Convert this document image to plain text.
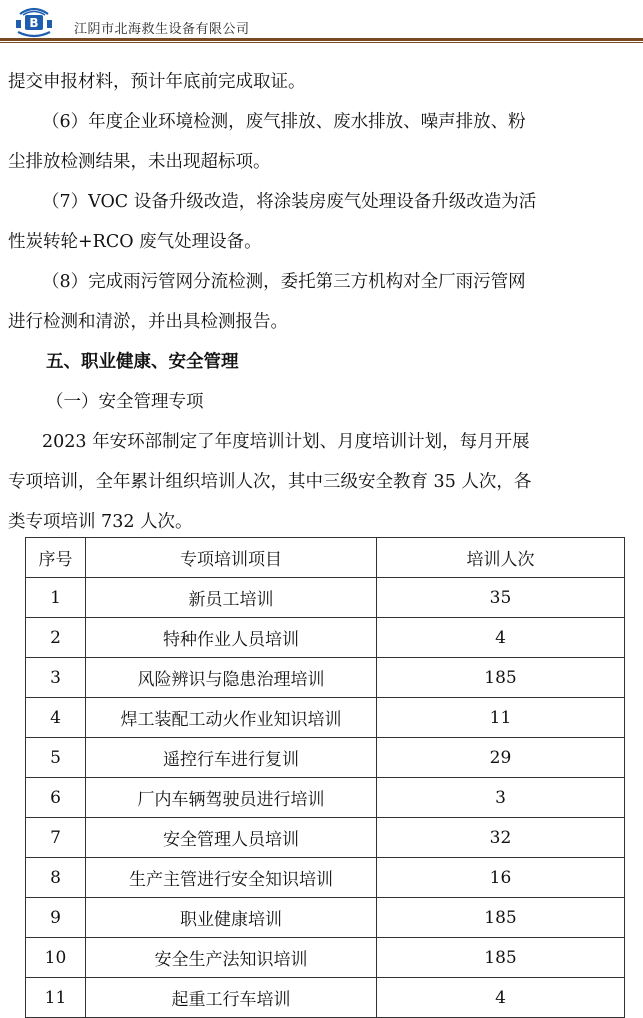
B	江阴市北海救生设备有限公司
提交申报材料，预计年底前完成取证。
（6）年度企业环境检测，废气排放、废水排放、噪声排放、粉
尘排放检测结果，未出现超标项。
（7）VOC 设备升级改造，将涂装房废气处理设备升级改造为活
性炭转轮+RCO 废气处理设备。
（8）完成雨污管网分流检测，委托第三方机构对全厂雨污管网
进行检测和清淤，并出具检测报告。
五、职业健康、安全管理
（一）安全管理专项
2023 年安环部制定了年度培训计划、月度培训计划，每月开展
专项培训，全年累计组织培训人次，其中三级安全教育 35 人次，各
类专项培训 732 人次。
序号	专项培训项目	培训人次
1	新员工培训	35
2	特种作业人员培训	4
3	风险辨识与隐患治理培训	185
4	焊工装配工动火作业知识培训	11
5	遥控行车进行复训	29
6	厂内车辆驾驶员进行培训	3
7	安全管理人员培训	32
8	生产主管进行安全知识培训	16
9	职业健康培训	185
10	安全生产法知识培训	185
11	起重工行车培训	4
